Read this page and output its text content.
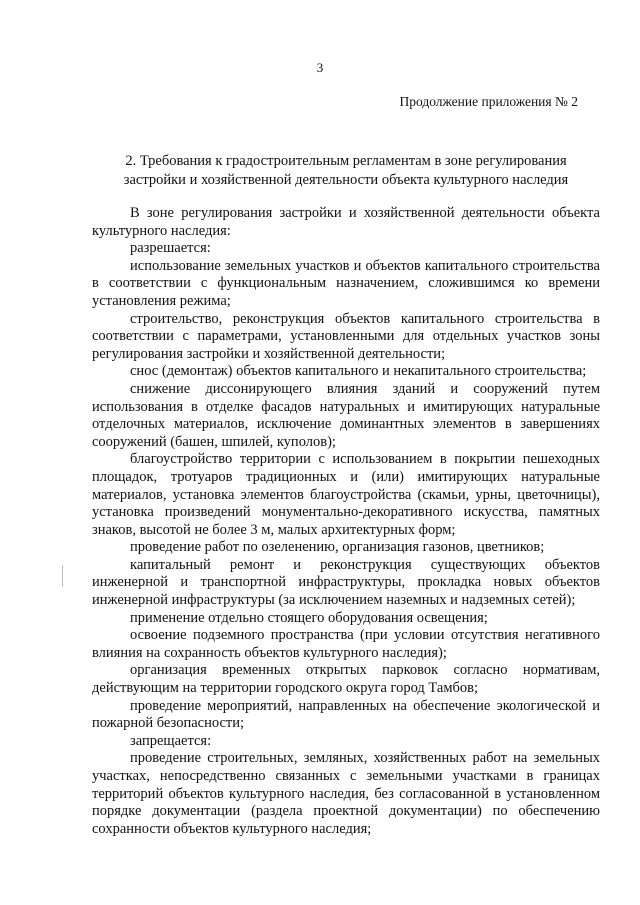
3
Продолжение приложения № 2
2. Требования к градостроительным регламентам в зоне регулирования
застройки и хозяйственной деятельности объекта культурного наследия

В зоне регулирования застройки и хозяйственной деятельности объекта культурного наследия:

разрешается:

использование земельных участков и объектов капитального строительства в соответствии с функциональным назначением, сложившимся ко времени установления режима;

строительство, реконструкция объектов капитального строительства в соответствии с параметрами, установленными для отдельных участков зоны регулирования застройки и хозяйственной деятельности;

снос (демонтаж) объектов капитального и некапитального строительства;

снижение диссонирующего влияния зданий и сооружений путем использования в отделке фасадов натуральных и имитирующих натуральные отделочных материалов, исключение доминантных элементов в завершениях сооружений (башен, шпилей, куполов);

благоустройство территории с использованием в покрытии пешеходных площадок, тротуаров традиционных и (или) имитирующих натуральные материалов, установка элементов благоустройства (скамьи, урны, цветочницы), установка произведений монументально-декоративного искусства, памятных знаков, высотой не более 3 м, малых архитектурных форм;

проведение работ по озеленению, организация газонов, цветников;

капитальный ремонт и реконструкция существующих объектов инженерной и транспортной инфраструктуры, прокладка новых объектов инженерной инфраструктуры (за исключением наземных и надземных сетей);

применение отдельно стоящего оборудования освещения;

освоение подземного пространства (при условии отсутствия негативного влияния на сохранность объектов культурного наследия);

организация временных открытых парковок согласно нормативам, действующим на территории городского округа город Тамбов;

проведение мероприятий, направленных на обеспечение экологической и пожарной безопасности;

запрещается:

проведение строительных, земляных, хозяйственных работ на земельных участках, непосредственно связанных с земельными участками в границах территорий объектов культурного наследия, без согласованной в установленном порядке документации (раздела проектной документации) по обеспечению сохранности объектов культурного наследия;
